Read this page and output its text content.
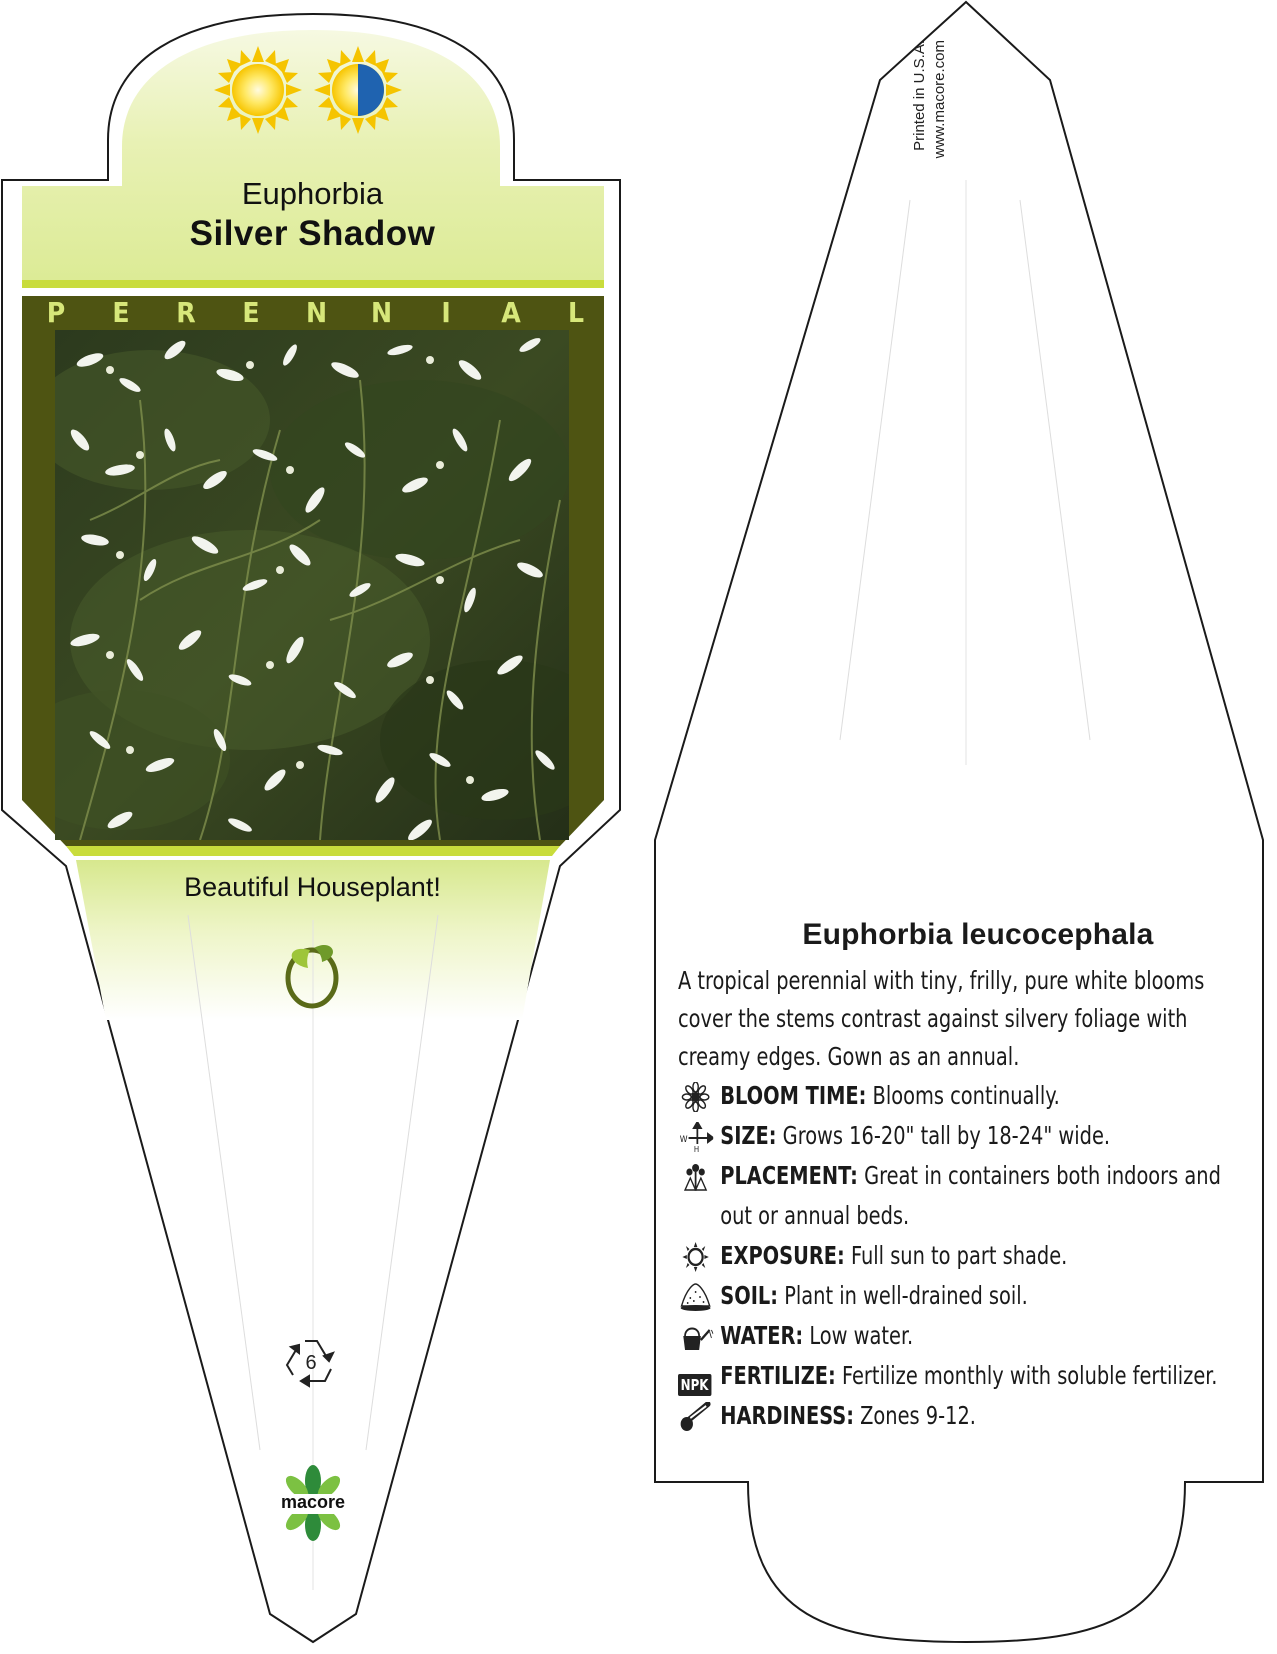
Euphorbia
Silver Shadow
P E R E N N I A L
Beautiful Houseplant!
6
macore
Printed in U.S.A. www.macore.com
Euphorbia leucocephala

A tropical perennial with tiny, frilly, pure white blooms cover the stems contrast against silvery foliage with creamy edges. Gown as an annual.

BLOOM TIME: Blooms continually.
W
H SIZE: Grows 16-20" tall by 18-24" wide.
PLACEMENT: Great in containers both indoors and out or annual beds.
EXPOSURE: Full sun to part shade.
SOIL: Plant in well-drained soil.
WATER: Low water.
NPK FERTILIZE: Fertilize monthly with soluble fertilizer.
HARDINESS: Zones 9-12.
